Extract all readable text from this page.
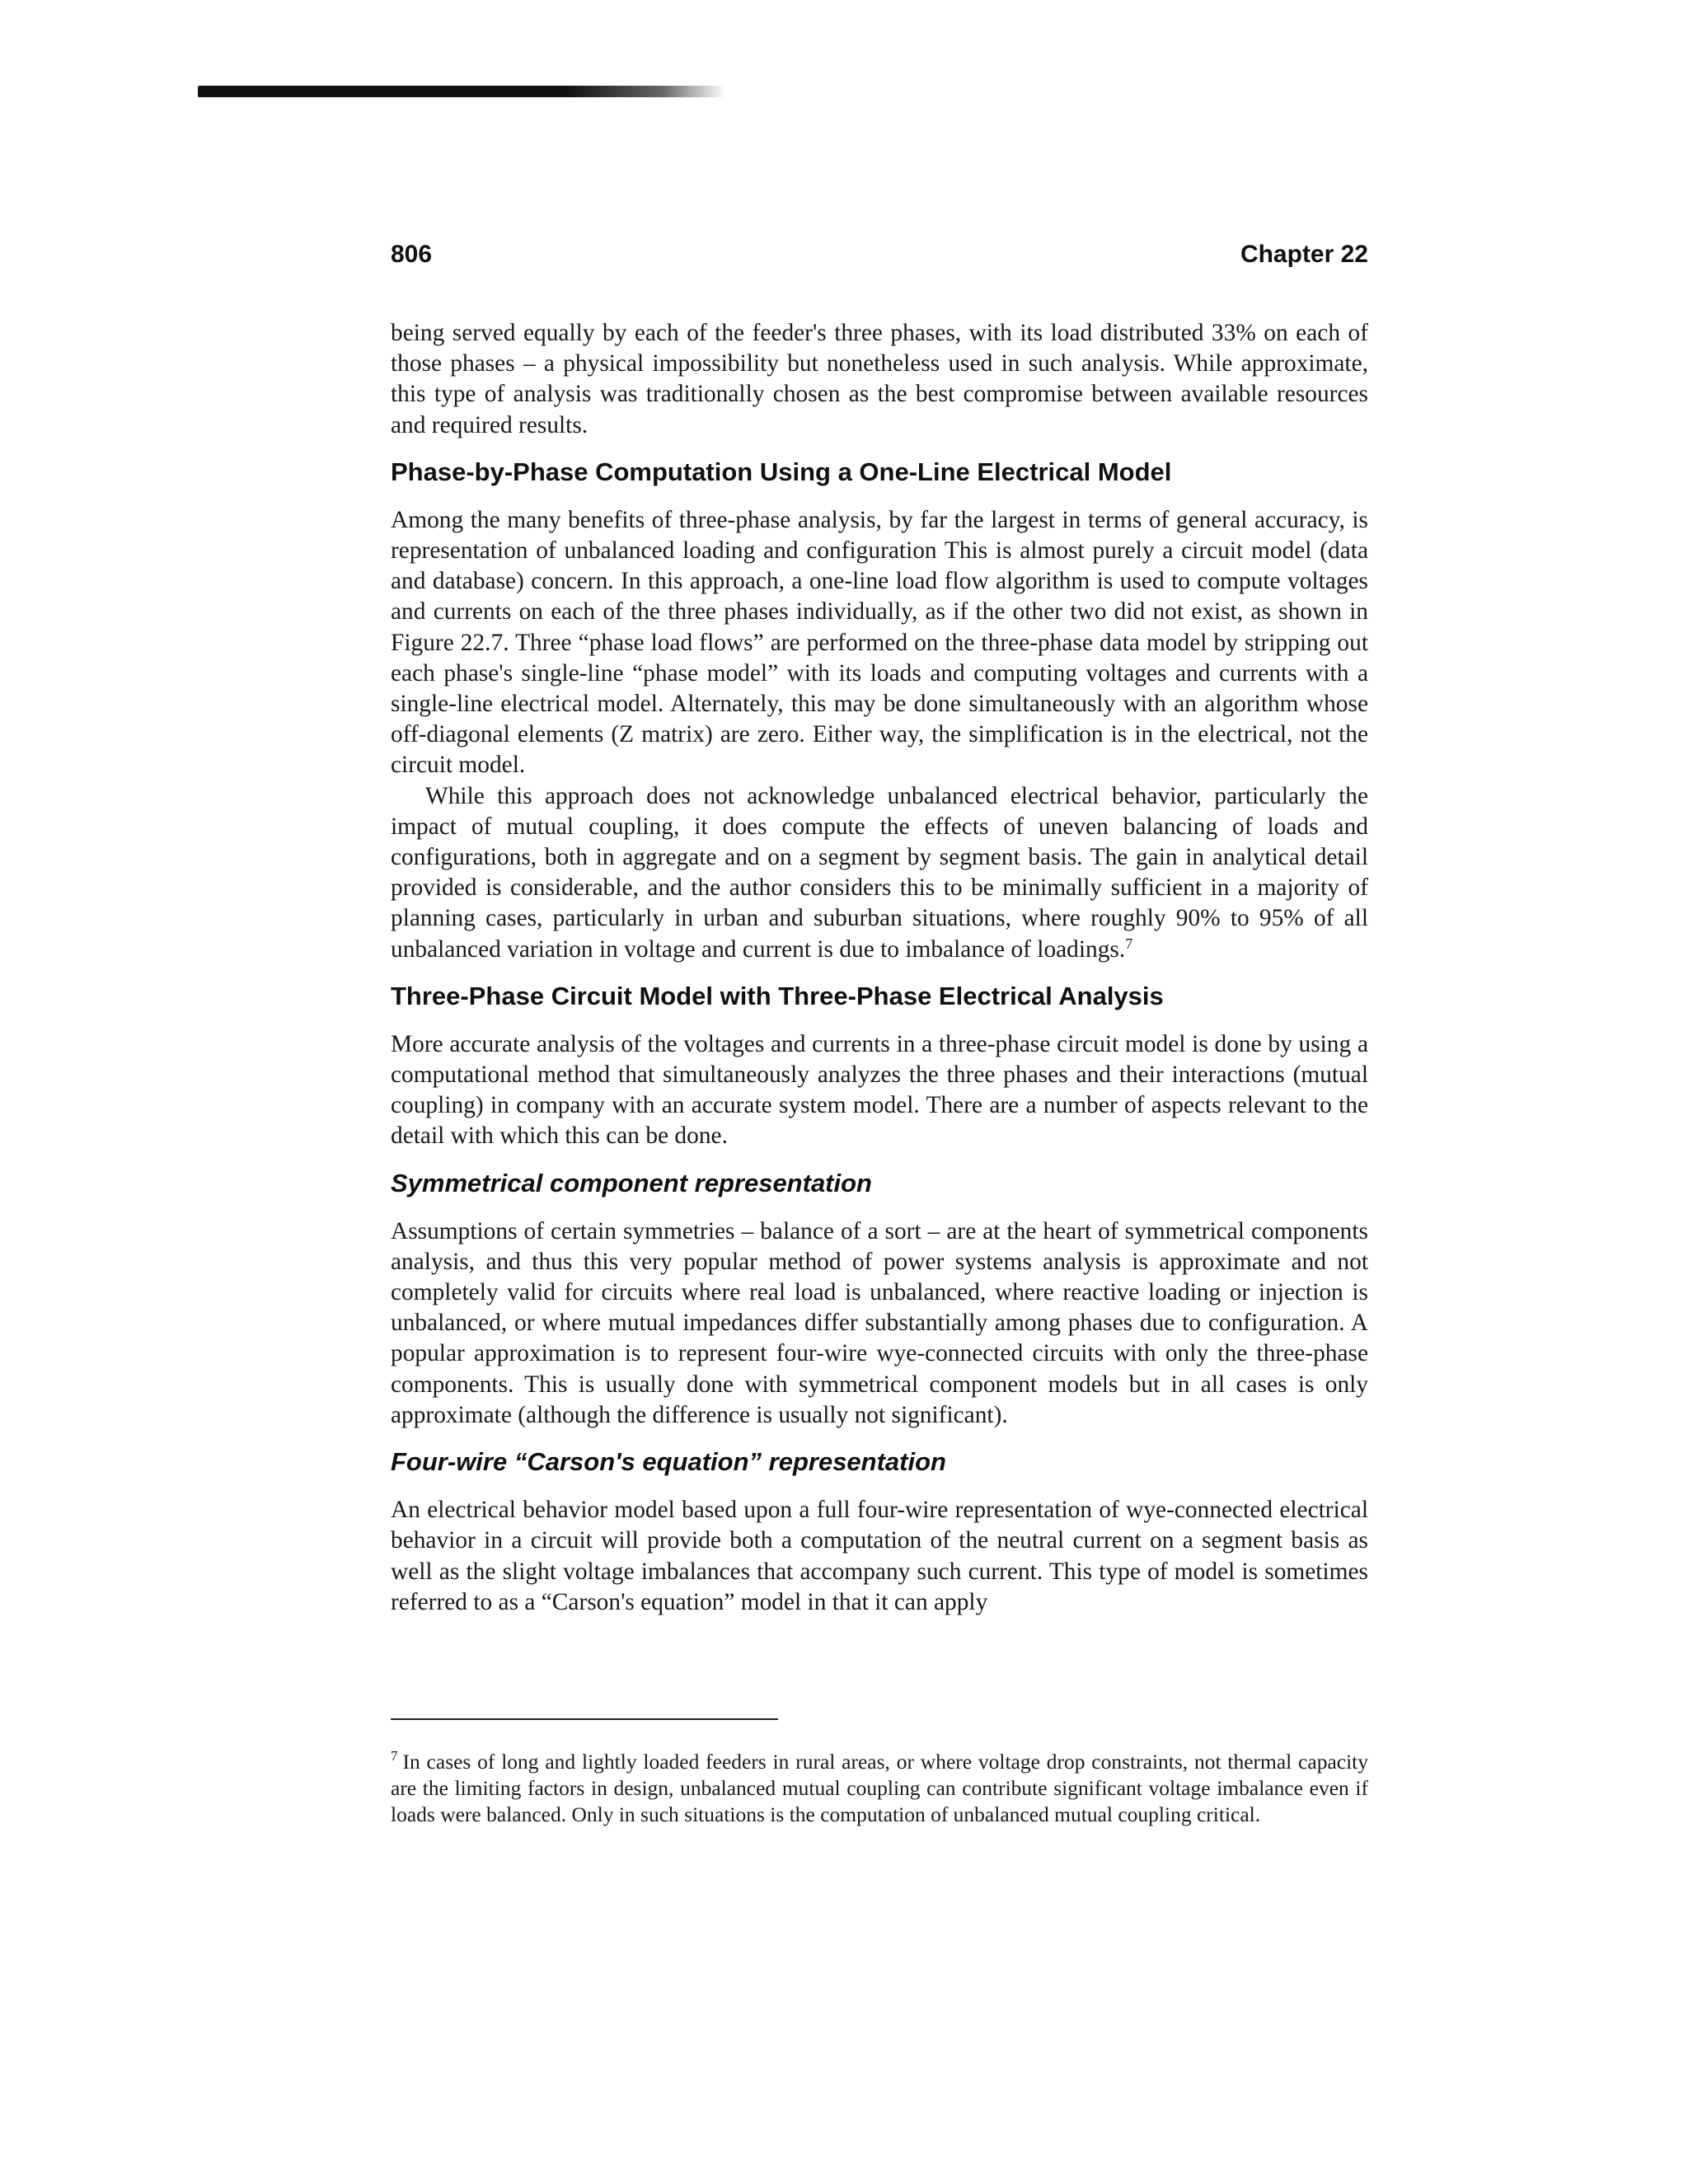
806	Chapter 22

being served equally by each of the feeder's three phases, with its load distributed 33% on each of those phases – a physical impossibility but nonetheless used in such analysis. While approximate, this type of analysis was traditionally chosen as the best compromise between available resources and required results.

Phase-by-Phase Computation Using a One-Line Electrical Model

Among the many benefits of three-phase analysis, by far the largest in terms of general accuracy, is representation of unbalanced loading and configuration This is almost purely a circuit model (data and database) concern. In this approach, a one-line load flow algorithm is used to compute voltages and currents on each of the three phases individually, as if the other two did not exist, as shown in Figure 22.7. Three “phase load flows” are performed on the three-phase data model by stripping out each phase's single-line “phase model” with its loads and computing voltages and currents with a single-line electrical model. Alternately, this may be done simultaneously with an algorithm whose off-diagonal elements (Z matrix) are zero. Either way, the simplification is in the electrical, not the circuit model.

While this approach does not acknowledge unbalanced electrical behavior, particularly the impact of mutual coupling, it does compute the effects of uneven balancing of loads and configurations, both in aggregate and on a segment by segment basis. The gain in analytical detail provided is considerable, and the author considers this to be minimally sufficient in a majority of planning cases, particularly in urban and suburban situations, where roughly 90% to 95% of all unbalanced variation in voltage and current is due to imbalance of loadings.$^7$

Three-Phase Circuit Model with Three-Phase Electrical Analysis

More accurate analysis of the voltages and currents in a three-phase circuit model is done by using a computational method that simultaneously analyzes the three phases and their interactions (mutual coupling) in company with an accurate system model. There are a number of aspects relevant to the detail with which this can be done.

Symmetrical component representation

Assumptions of certain symmetries – balance of a sort – are at the heart of symmetrical components analysis, and thus this very popular method of power systems analysis is approximate and not completely valid for circuits where real load is unbalanced, where reactive loading or injection is unbalanced, or where mutual impedances differ substantially among phases due to configuration. A popular approximation is to represent four-wire wye-connected circuits with only the three-phase components. This is usually done with symmetrical component models but in all cases is only approximate (although the difference is usually not significant).

Four-wire “Carson's equation” representation

An electrical behavior model based upon a full four-wire representation of wye-connected electrical behavior in a circuit will provide both a computation of the neutral current on a segment basis as well as the slight voltage imbalances that accompany such current. This type of model is sometimes referred to as a “Carson's equation” model in that it can apply

$^7$ In cases of long and lightly loaded feeders in rural areas, or where voltage drop constraints, not thermal capacity are the limiting factors in design, unbalanced mutual coupling can contribute significant voltage imbalance even if loads were balanced. Only in such situations is the computation of unbalanced mutual coupling critical.
